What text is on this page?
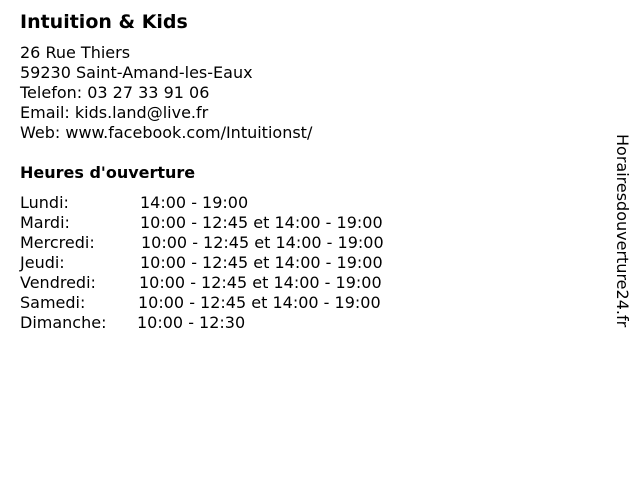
Intuition & Kids
26 Rue Thiers
59230 Saint-Amand-les-Eaux
Telefon: 03 27 33 91 06
Email: kids.land@live.fr
Web: www.facebook.com/Intuitionst/
Heures d'ouverture
Lundi:	14:00 - 19:00
Mardi:	10:00 - 12:45 et 14:00 - 19:00
Mercredi:	10:00 - 12:45 et 14:00 - 19:00
Jeudi:	10:00 - 12:45 et 14:00 - 19:00
Vendredi:	10:00 - 12:45 et 14:00 - 19:00
Samedi:	10:00 - 12:45 et 14:00 - 19:00
Dimanche: 10:00 - 12:30	Horairesdouverture24.fr
